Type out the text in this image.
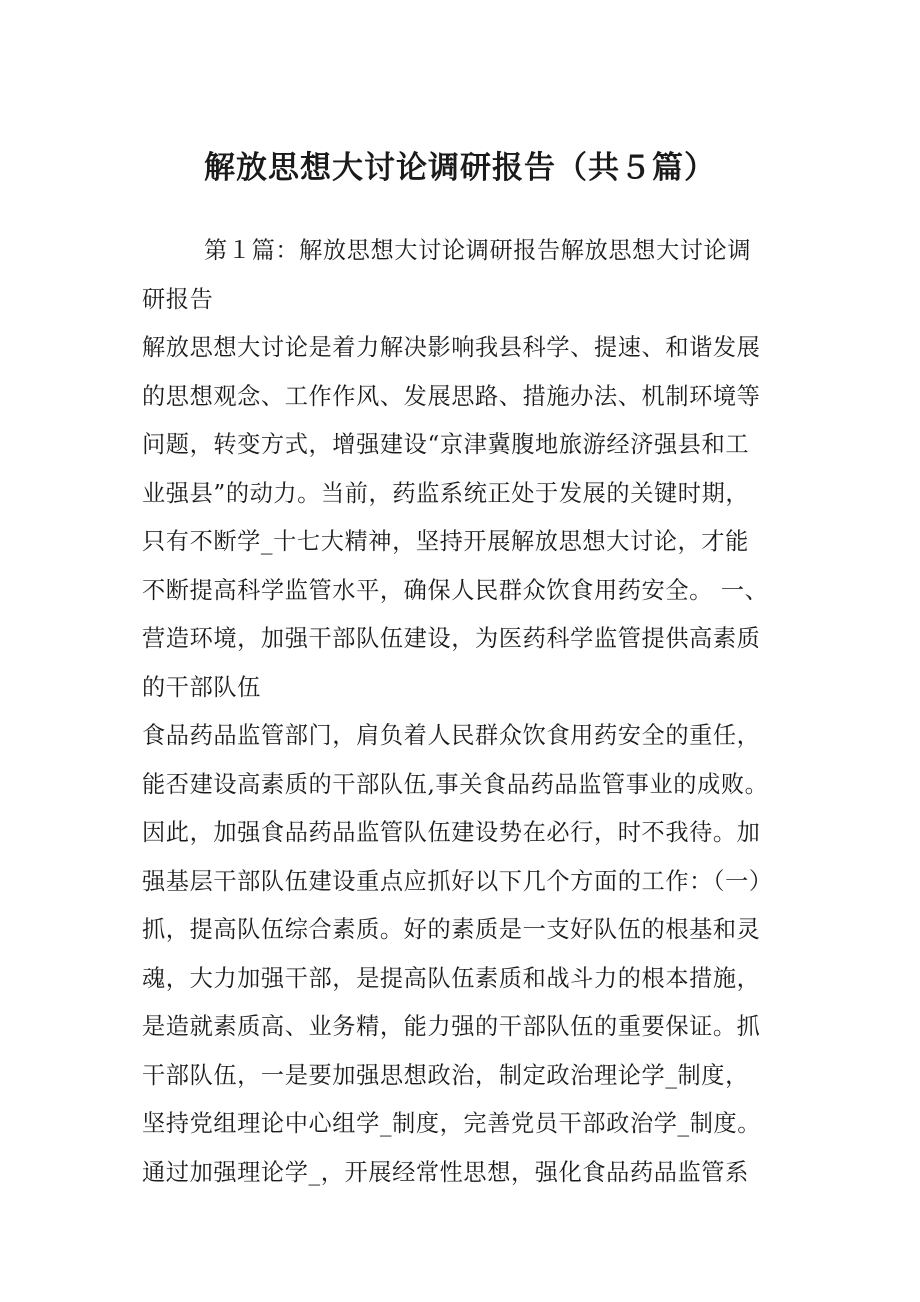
解放思想大讨论调研报告（共５篇）
第１篇：解放思想大讨论调研报告解放思想大讨论调
研报告
解放思想大讨论是着力解决影响我县科学、提速、和谐发展
的思想观念、工作作风、发展思路、措施办法、机制环境等
问题，转变方式，增强建设“京津冀腹地旅游经济强县和工
业强县”的动力。当前，药监系统正处于发展的关键时期，
只有不断学_十七大精神，坚持开展解放思想大讨论，才能
不断提高科学监管水平，确保人民群众饮食用药安全。 一、
营造环境，加强干部队伍建设，为医药科学监管提供高素质
的干部队伍
食品药品监管部门，肩负着人民群众饮食用药安全的重任，
能否建设高素质的干部队伍,事关食品药品监管事业的成败。
因此，加强食品药品监管队伍建设势在必行，时不我待。加
强基层干部队伍建设重点应抓好以下几个方面的工作：（一）
抓，提高队伍综合素质。好的素质是一支好队伍的根基和灵
魂，大力加强干部，是提高队伍素质和战斗力的根本措施，
是造就素质高、业务精，能力强的干部队伍的重要保证。抓
干部队伍，一是要加强思想政治，制定政治理论学_制度，
坚持党组理论中心组学_制度，完善党员干部政治学_制度。
通过加强理论学_，开展经常性思想，强化食品药品监管系
